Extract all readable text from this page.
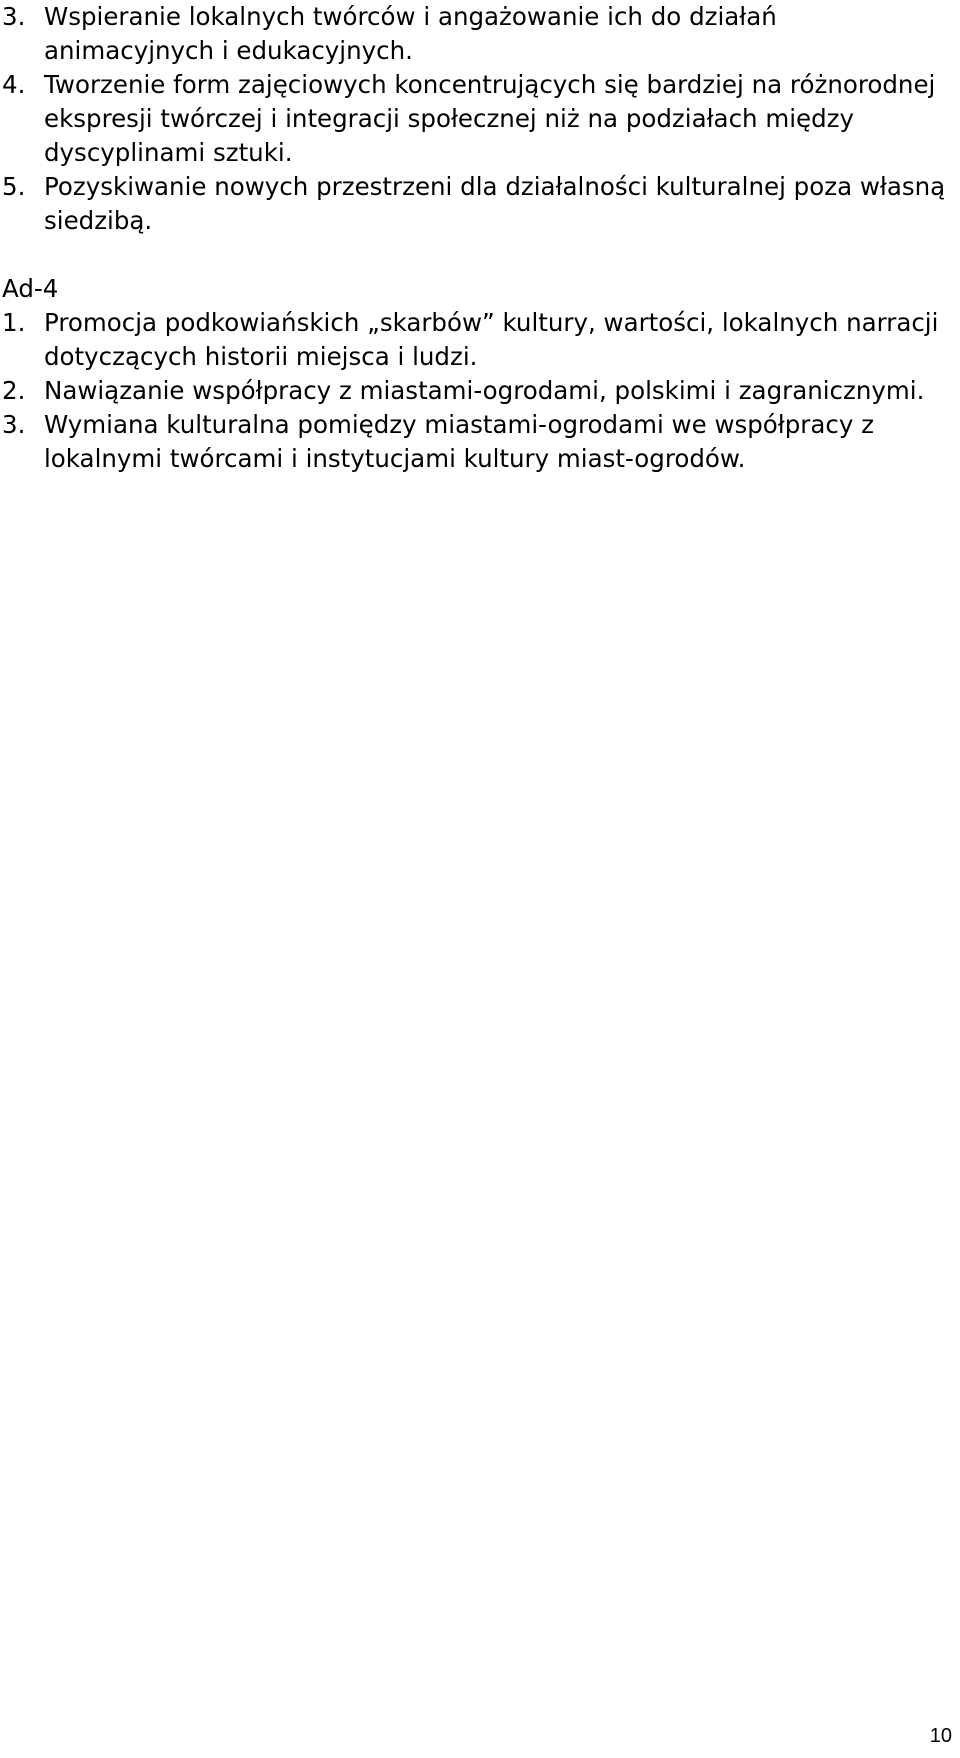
3. Wspieranie lokalnych twórców i angażowanie ich do działań animacyjnych i edukacyjnych.
4. Tworzenie form zajęciowych koncentrujących się bardziej na różnorodnej ekspresji twórczej i integracji społecznej niż na podziałach między dyscyplinami sztuki.
5. Pozyskiwanie nowych przestrzeni dla działalności kulturalnej poza własną siedzibą.
Ad-4
1. Promocja podkowiańskich „skarbów” kultury, wartości, lokalnych narracji dotyczących historii miejsca i ludzi.
2. Nawiązanie współpracy z miastami-ogrodami, polskimi i zagranicznymi.
3. Wymiana kulturalna pomiędzy miastami-ogrodami we współpracy z lokalnymi twórcami i instytucjami kultury miast-ogrodów.
10
